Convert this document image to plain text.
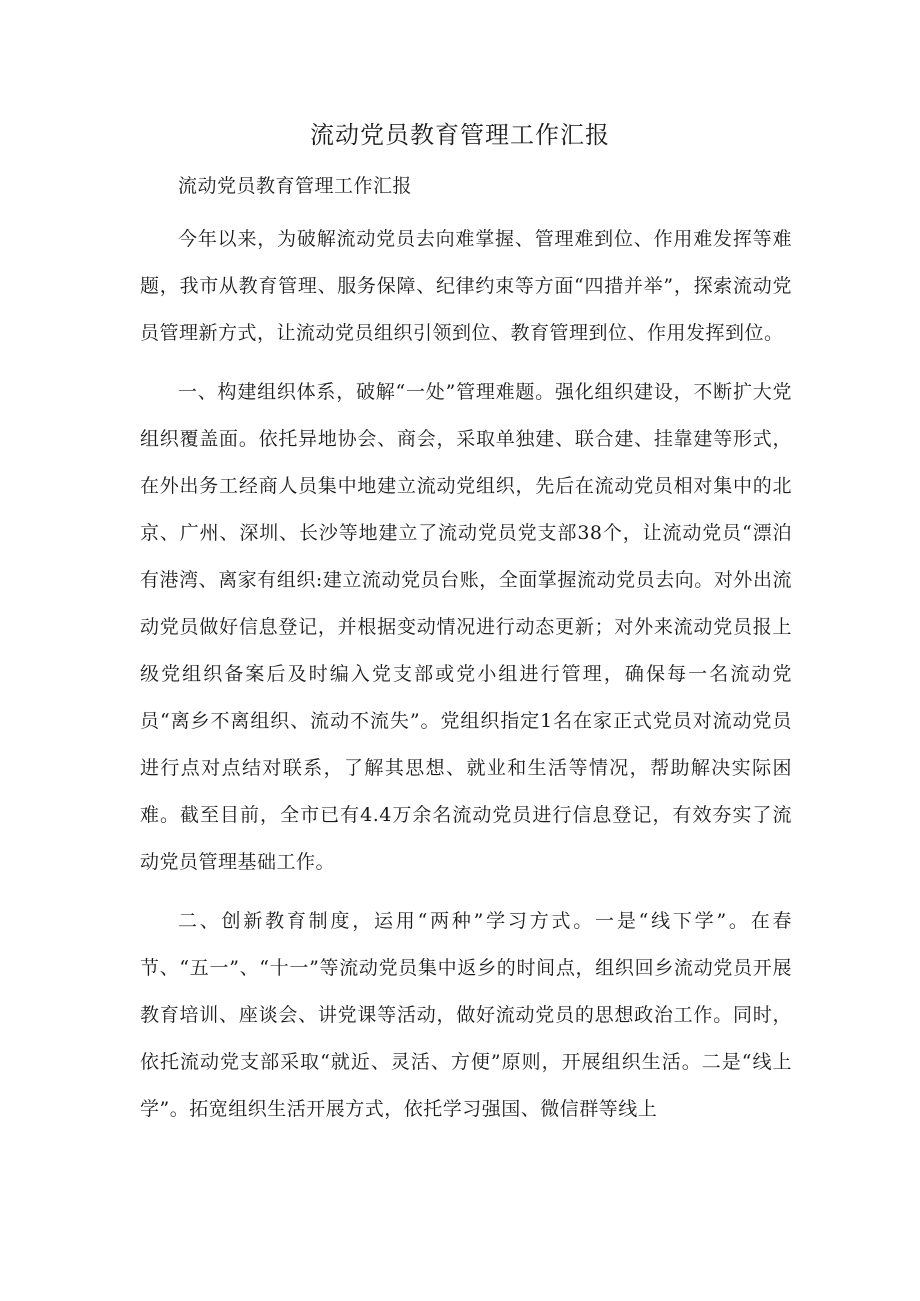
流动党员教育管理工作汇报

流动党员教育管理工作汇报

今年以来，为破解流动党员去向难掌握、管理难到位、作用难发挥等难题，我市从教育管理、服务保障、纪律约束等方面“四措并举”，探索流动党员管理新方式，让流动党员组织引领到位、教育管理到位、作用发挥到位。

一、构建组织体系，破解“一处”管理难题。强化组织建设，不断扩大党组织覆盖面。依托异地协会、商会，采取单独建、联合建、挂靠建等形式，在外出务工经商人员集中地建立流动党组织，先后在流动党员相对集中的北京、广州、深圳、长沙等地建立了流动党员党支部38个，让流动党员“漂泊有港湾、离家有组织:建立流动党员台账，全面掌握流动党员去向。对外出流动党员做好信息登记，并根据变动情况进行动态更新；对外来流动党员报上级党组织备案后及时编入党支部或党小组进行管理，确保每一名流动党员“离乡不离组织、流动不流失”。党组织指定1名在家正式党员对流动党员进行点对点结对联系，了解其思想、就业和生活等情况，帮助解决实际困难。截至目前，全市已有4.4万余名流动党员进行信息登记，有效夯实了流动党员管理基础工作。

二、创新教育制度，运用“两种”学习方式。一是“线下学”。在春节、“五一”、“十一”等流动党员集中返乡的时间点，组织回乡流动党员开展教育培训、座谈会、讲党课等活动，做好流动党员的思想政治工作。同时，依托流动党支部采取“就近、灵活、方便”原则，开展组织生活。二是“线上学”。拓宽组织生活开展方式，依托学习强国、微信群等线上
